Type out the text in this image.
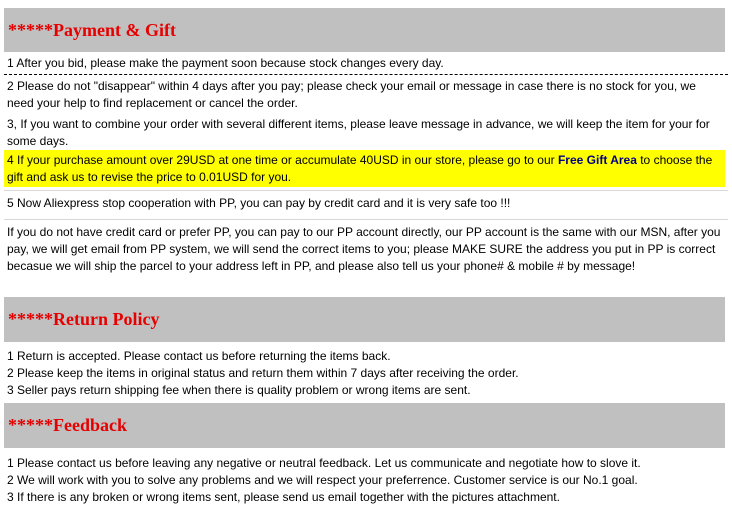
*****Payment & Gift
1 After you bid, please make the payment soon because stock changes every day.
2 Please do not "disappear" within 4 days after you pay; please check your email or message in case there is no stock for you, we need your help to find replacement or cancel the order.
3, If you want to combine your order with several different items, please leave message in advance, we will keep the item for your for some days.
4 If your purchase amount over 29USD at one time or accumulate 40USD in our store, please go to our Free Gift Area to choose the gift and ask us to revise the price to 0.01USD for you.
5 Now Aliexpress stop cooperation with PP, you can pay by credit card and it is very safe too !!!
If you do not have credit card or prefer PP, you can pay to our PP account directly, our PP account is the same with our MSN, after you pay, we will get email from PP system, we will send the correct items to you; please MAKE SURE the address you put in PP is correct becasue we will ship the parcel to your address left in PP, and please also tell us your phone# & mobile # by message!
*****Return Policy
1 Return is accepted. Please contact us before returning the items back.
2 Please keep the items in original status and return them within 7 days after receiving the order.
3 Seller pays return shipping fee when there is quality problem or wrong items are sent.
*****Feedback
1 Please contact us before leaving any negative or neutral feedback. Let us communicate and negotiate how to slove it.
2 We will work with you to solve any problems and we will respect your preferrence. Customer service is our No.1 goal.
3 If there is any broken or wrong items sent, please send us email together with the pictures attachment.
